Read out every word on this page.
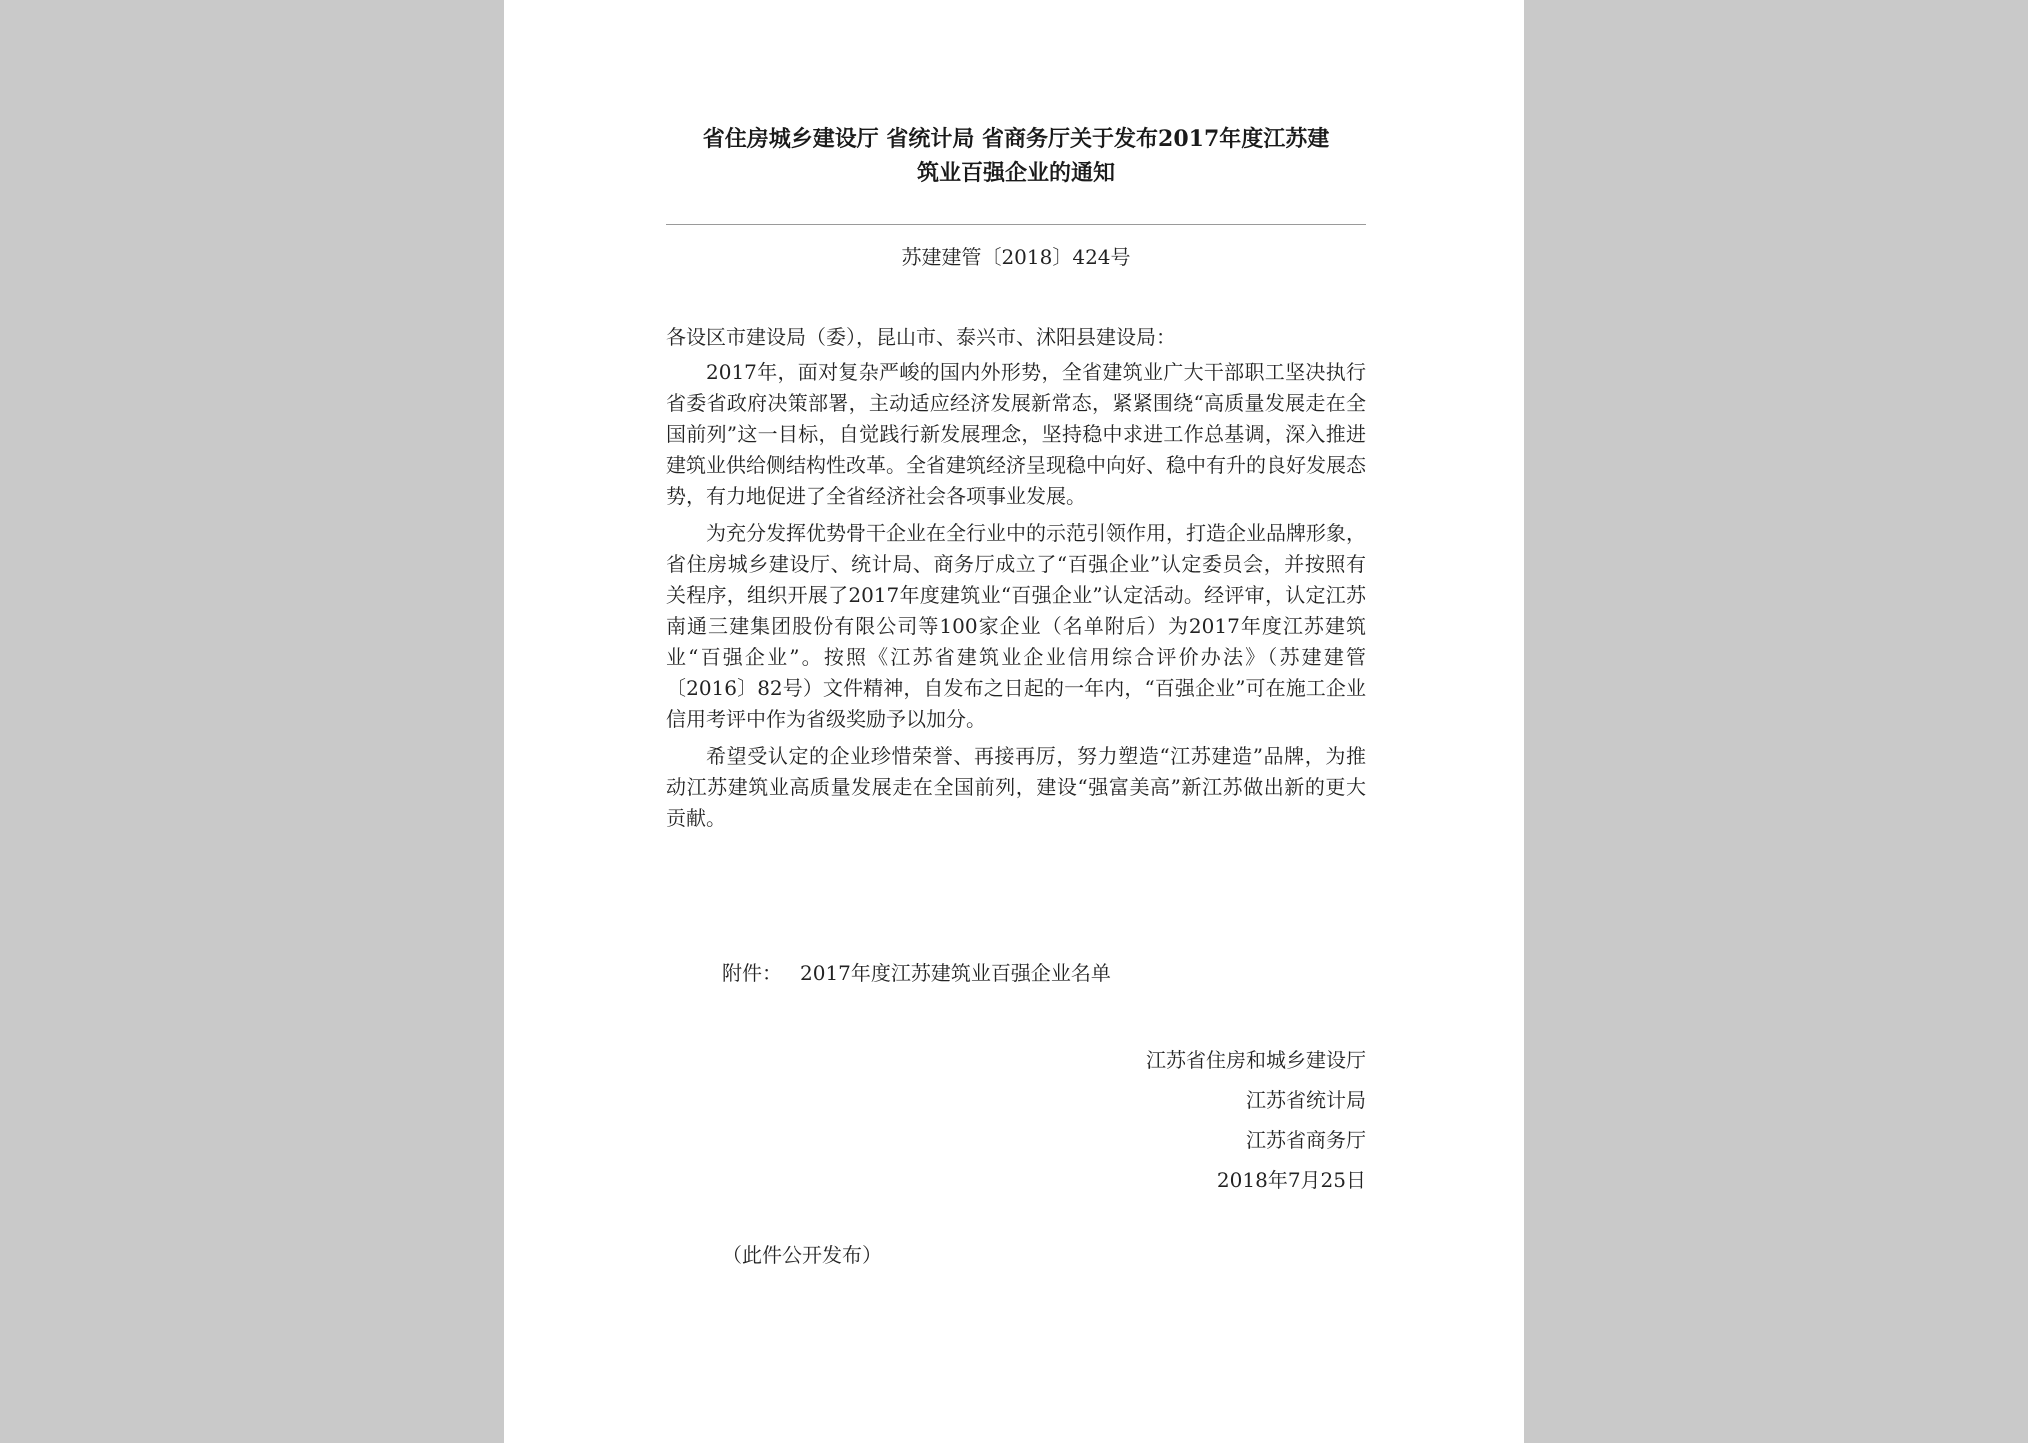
省住房城乡建设厅 省统计局 省商务厅关于发布2017年度江苏建
筑业百强企业的通知
苏建建管〔2018〕424号

各设区市建设局（委），昆山市、泰兴市、沭阳县建设局：

2017年，面对复杂严峻的国内外形势，全省建筑业广大干部职工坚决执行省委省政府决策部署，主动适应经济发展新常态，紧紧围绕“高质量发展走在全国前列”这一目标，自觉践行新发展理念，坚持稳中求进工作总基调，深入推进建筑业供给侧结构性改革。全省建筑经济呈现稳中向好、稳中有升的良好发展态势，有力地促进了全省经济社会各项事业发展。

为充分发挥优势骨干企业在全行业中的示范引领作用，打造企业品牌形象，省住房城乡建设厅、统计局、商务厅成立了“百强企业”认定委员会，并按照有关程序，组织开展了2017年度建筑业“百强企业”认定活动。经评审，认定江苏南通三建集团股份有限公司等100家企业（名单附后）为2017年度江苏建筑业“百强企业”。按照《江苏省建筑业企业信用综合评价办法》（苏建建管〔2016〕82号）文件精神，自发布之日起的一年内，“百强企业”可在施工企业信用考评中作为省级奖励予以加分。

希望受认定的企业珍惜荣誉、再接再厉，努力塑造“江苏建造”品牌，为推动江苏建筑业高质量发展走在全国前列，建设“强富美高”新江苏做出新的更大贡献。

附件： 2017年度江苏建筑业百强企业名单
江苏省住房和城乡建设厅
江苏省统计局
江苏省商务厅
2018年7月25日
（此件公开发布）
